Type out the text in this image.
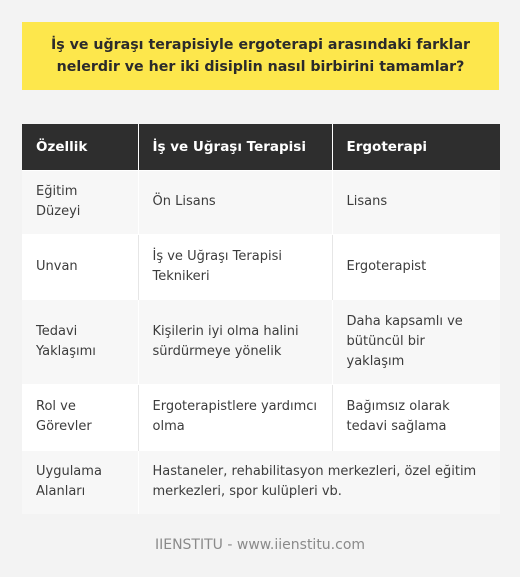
İş ve uğraşı terapisiyle ergoterapi arasındaki farklar nelerdir ve her iki disiplin nasıl birbirini tamamlar?
Özellik	İş ve Uğraşı Terapisi	Ergoterapi
Eğitim Düzeyi	Ön Lisans	Lisans
Unvan	İş ve Uğraşı Terapisi Teknikeri	Ergoterapist
Tedavi Yaklaşımı	Kişilerin iyi olma halini sürdürmeye yönelik	Daha kapsamlı ve bütüncül bir yaklaşım
Rol ve Görevler	Ergoterapistlere yardımcı olma	Bağımsız olarak tedavi sağlama
Uygulama Alanları	Hastaneler, rehabilitasyon merkezleri, özel eğitim merkezleri, spor kulüpleri vb.	
IIENSTITU - www.iienstitu.com
